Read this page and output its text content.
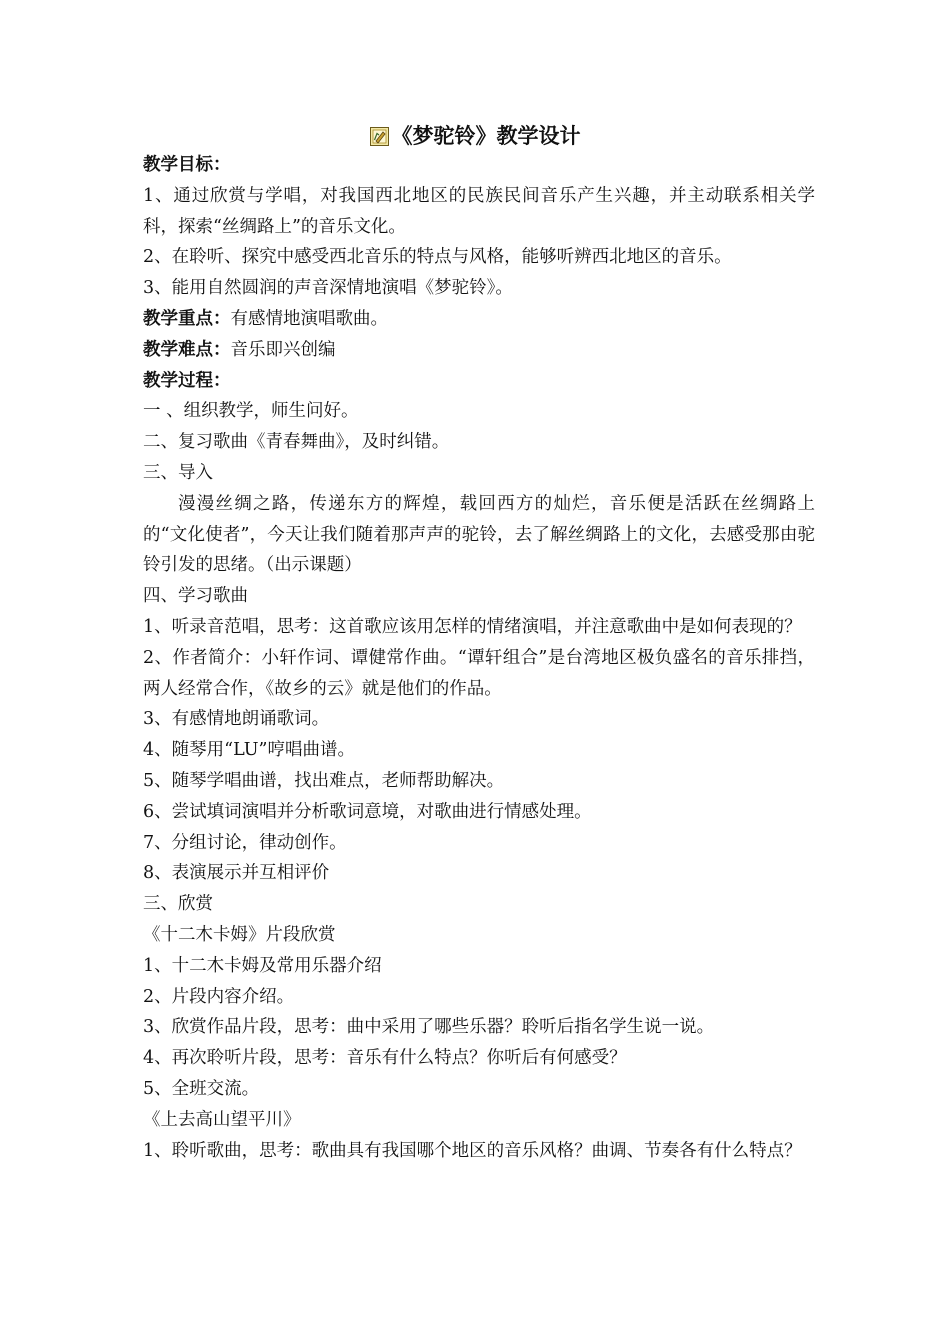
《梦驼铃》教学设计

教学目标：

1、通过欣赏与学唱，对我国西北地区的民族民间音乐产生兴趣，并主动联系相关学科，探索“丝绸路上”的音乐文化。

2、在聆听、探究中感受西北音乐的特点与风格，能够听辨西北地区的音乐。

3、能用自然圆润的声音深情地演唱《梦驼铃》。

教学重点：有感情地演唱歌曲。

教学难点：音乐即兴创编

教学过程：

一 、组织教学，师生问好。

二、复习歌曲《青春舞曲》，及时纠错。

三、导入

漫漫丝绸之路，传递东方的辉煌，载回西方的灿烂，音乐便是活跃在丝绸路上的“文化使者”，今天让我们随着那声声的驼铃，去了解丝绸路上的文化，去感受那由驼铃引发的思绪。（出示课题）

四、学习歌曲

1、听录音范唱，思考：这首歌应该用怎样的情绪演唱，并注意歌曲中是如何表现的？

2、作者简介：小轩作词、谭健常作曲。“谭轩组合”是台湾地区极负盛名的音乐排挡，两人经常合作，《故乡的云》就是他们的作品。

3、有感情地朗诵歌词。

4、随琴用“LU”哼唱曲谱。

5、随琴学唱曲谱，找出难点，老师帮助解决。

6、尝试填词演唱并分析歌词意境，对歌曲进行情感处理。

7、分组讨论，律动创作。

8、表演展示并互相评价

三、欣赏

《十二木卡姆》片段欣赏

1、十二木卡姆及常用乐器介绍

2、片段内容介绍。

3、欣赏作品片段，思考：曲中采用了哪些乐器？聆听后指名学生说一说。

4、再次聆听片段，思考：音乐有什么特点？你听后有何感受？

5、全班交流。

《上去高山望平川》

1、聆听歌曲，思考：歌曲具有我国哪个地区的音乐风格？曲调、节奏各有什么特点？
